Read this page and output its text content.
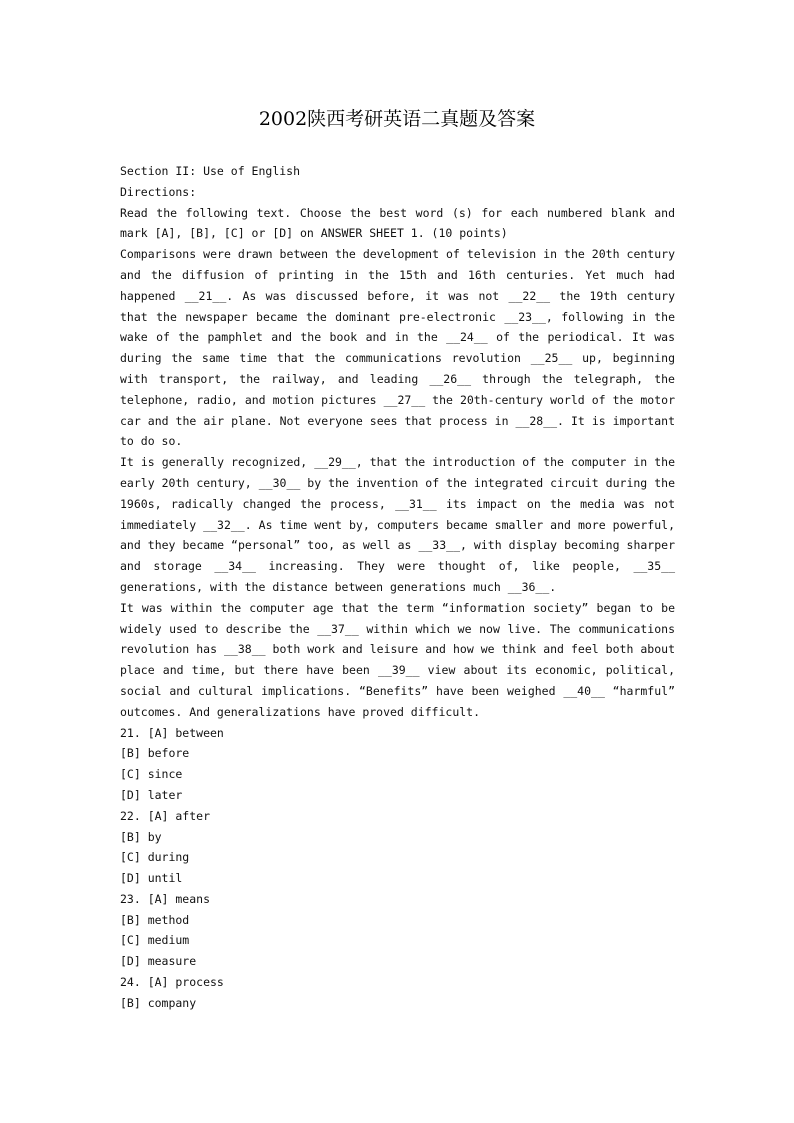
2002陕西考研英语二真题及答案

Section II: Use of English

Directions:

Read the following text. Choose the best word (s) for each numbered blank and mark [A], [B], [C] or [D] on ANSWER SHEET 1. (10 points)

Comparisons were drawn between the development of television in the 20th century and the diffusion of printing in the 15th and 16th centuries. Yet much had happened __21__. As was discussed before, it was not __22__ the 19th century that the newspaper became the dominant pre-electronic __23__, following in the wake of the pamphlet and the book and in the __24__ of the periodical. It was during the same time that the communications revolution __25__ up, beginning with transport, the railway, and leading __26__ through the telegraph, the telephone, radio, and motion pictures __27__ the 20th-century world of the motor car and the air plane. Not everyone sees that process in __28__. It is important to do so.

It is generally recognized, __29__, that the introduction of the computer in the early 20th century, __30__ by the invention of the integrated circuit during the 1960s, radically changed the process, __31__ its impact on the media was not immediately __32__. As time went by, computers became smaller and more powerful, and they became “personal” too, as well as __33__, with display becoming sharper and storage __34__ increasing. They were thought of, like people, __35__ generations, with the distance between generations much __36__.

It was within the computer age that the term “information society” began to be widely used to describe the __37__ within which we now live. The communications revolution has __38__ both work and leisure and how we think and feel both about place and time, but there have been __39__ view about its economic, political, social and cultural implications. “Benefits” have been weighed __40__ “harmful” outcomes. And generalizations have proved difficult.

21. [A] between

[B] before

[C] since

[D] later

22. [A] after

[B] by

[C] during

[D] until

23. [A] means

[B] method

[C] medium

[D] measure

24. [A] process

[B] company
